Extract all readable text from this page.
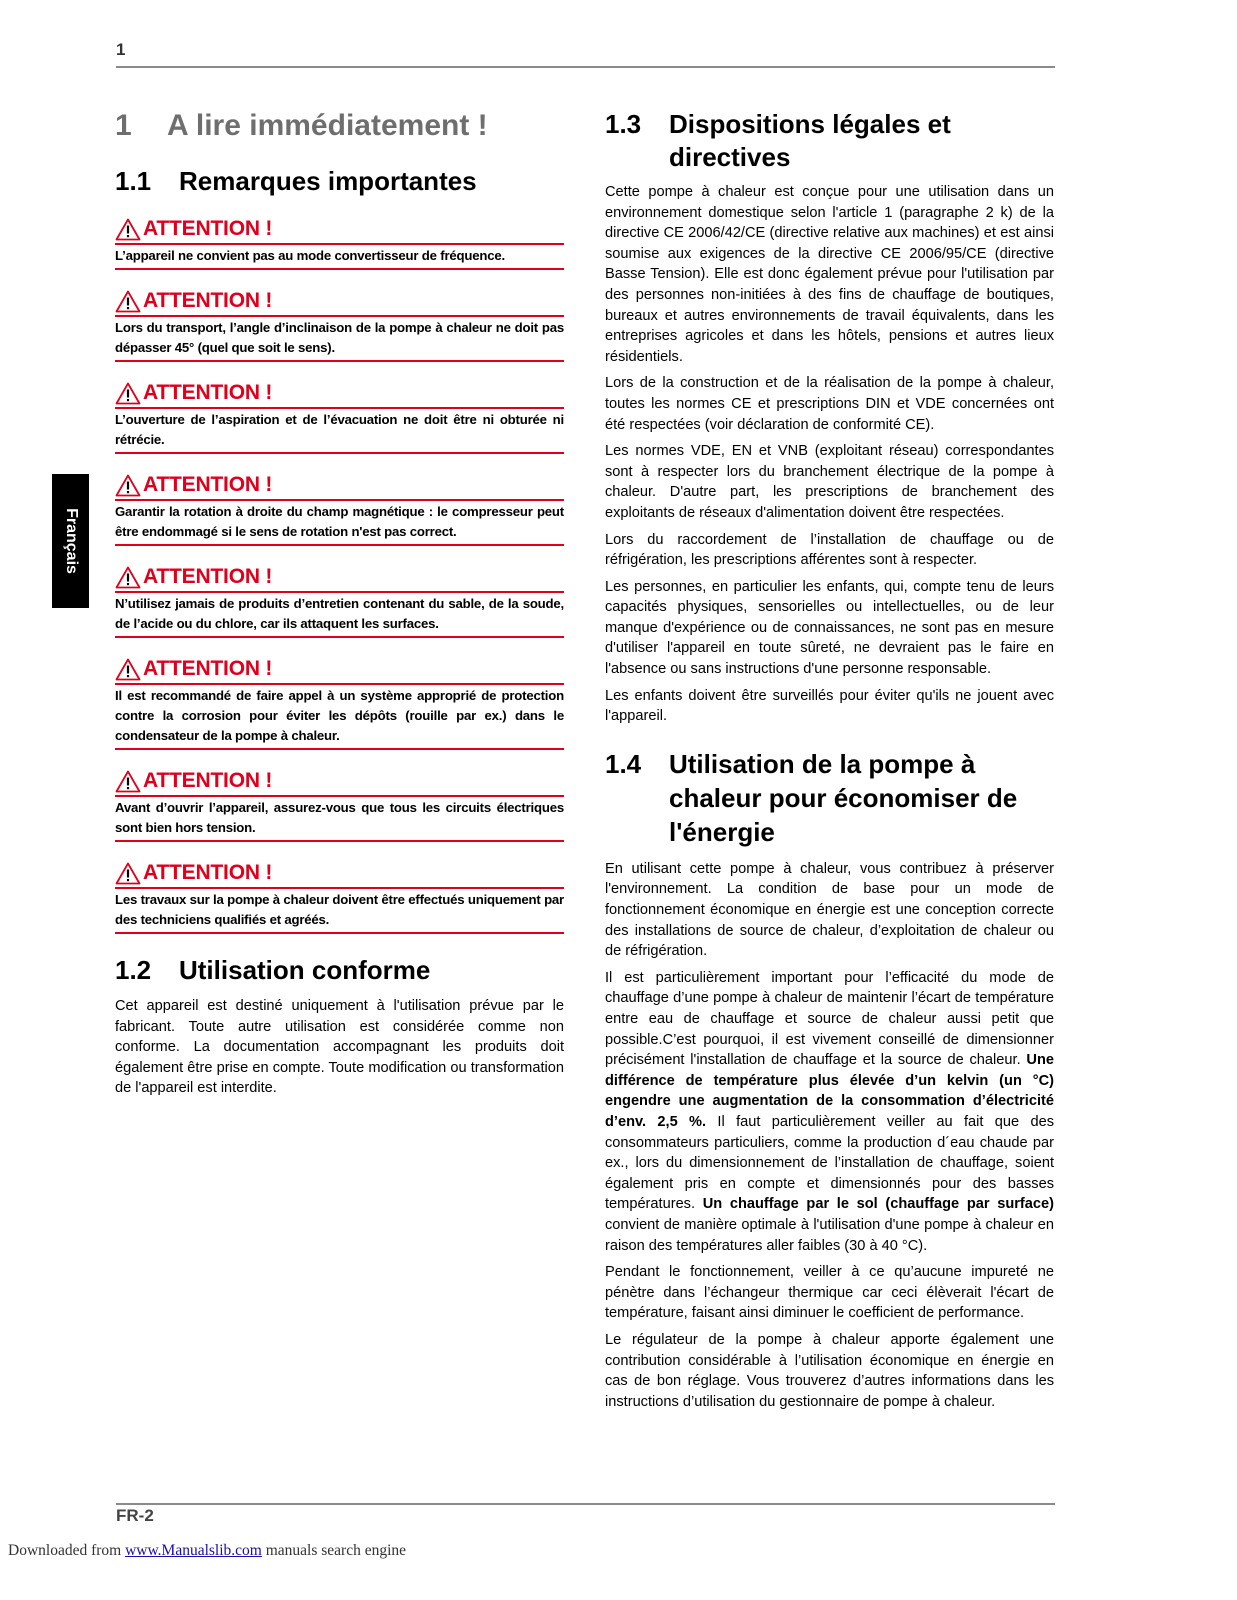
1
Français
1	A lire immédiatement !
1.1	Remarques importantes
ATTENTION !
L’appareil ne convient pas au mode convertisseur de fréquence.
ATTENTION !
Lors du transport, l’angle d’inclinaison de la pompe à chaleur ne doit pas dépasser 45° (quel que soit le sens).
ATTENTION !
L’ouverture de l’aspiration et de l’évacuation ne doit être ni obturée ni rétrécie.
ATTENTION !
Garantir la rotation à droite du champ magnétique : le compresseur peut être endommagé si le sens de rotation n'est pas correct.
ATTENTION !
N’utilisez jamais de produits d’entretien contenant du sable, de la soude, de l’acide ou du chlore, car ils attaquent les surfaces.
ATTENTION !
Il est recommandé de faire appel à un système approprié de protection contre la corrosion pour éviter les dépôts (rouille par ex.) dans le condensateur de la pompe à chaleur.
ATTENTION !
Avant d’ouvrir l’appareil, assurez-vous que tous les circuits électriques sont bien hors tension.
ATTENTION !
Les travaux sur la pompe à chaleur doivent être effectués uniquement par des techniciens qualifiés et agréés.
1.2	Utilisation conforme

Cet appareil est destiné uniquement à l'utilisation prévue par le fabricant. Toute autre utilisation est considérée comme non conforme. La documentation accompagnant les produits doit également être prise en compte. Toute modification ou transformation de l'appareil est interdite.

1.3	Dispositions légales et directives

Cette pompe à chaleur est conçue pour une utilisation dans un environnement domestique selon l'article 1 (paragraphe 2 k) de la directive CE 2006/42/CE (directive relative aux machines) et est ainsi soumise aux exigences de la directive CE 2006/95/CE (directive Basse Tension). Elle est donc également prévue pour l'utilisation par des personnes non-initiées à des fins de chauffage de boutiques, bureaux et autres environnements de travail équivalents, dans les entreprises agricoles et dans les hôtels, pensions et autres lieux résidentiels.

Lors de la construction et de la réalisation de la pompe à chaleur, toutes les normes CE et prescriptions DIN et VDE concernées ont été respectées (voir déclaration de conformité CE).

Les normes VDE, EN et VNB (exploitant réseau) correspondantes sont à respecter lors du branchement électrique de la pompe à chaleur. D'autre part, les prescriptions de branchement des exploitants de réseaux d'alimentation doivent être respectées.

Lors du raccordement de l’installation de chauffage ou de réfrigération, les prescriptions afférentes sont à respecter.

Les personnes, en particulier les enfants, qui, compte tenu de leurs capacités physiques, sensorielles ou intellectuelles, ou de leur manque d'expérience ou de connaissances, ne sont pas en mesure d'utiliser l'appareil en toute sûreté, ne devraient pas le faire en l'absence ou sans instructions d'une personne responsable.

Les enfants doivent être surveillés pour éviter qu'ils ne jouent avec l'appareil.

1.4	Utilisation de la pompe à chaleur pour économiser de l'énergie

En utilisant cette pompe à chaleur, vous contribuez à préserver l'environnement. La condition de base pour un mode de fonctionnement économique en énergie est une conception correcte des installations de source de chaleur, d’exploitation de chaleur ou de réfrigération.

Il est particulièrement important pour l’efficacité du mode de chauffage d’une pompe à chaleur de maintenir l’écart de température entre eau de chauffage et source de chaleur aussi petit que possible.C’est pourquoi, il est vivement conseillé de dimensionner précisément l'installation de chauffage et la source de chaleur. Une différence de température plus élevée d’un kelvin (un °C) engendre une augmentation de la consommation d’électricité d’env. 2,5 %. Il faut particulièrement veiller au fait que des consommateurs particuliers, comme la production d´eau chaude par ex., lors du dimensionnement de l’installation de chauffage, soient également pris en compte et dimensionnés pour des basses températures. Un chauffage par le sol (chauffage par surface) convient de manière optimale à l'utilisation d'une pompe à chaleur en raison des températures aller faibles (30 à 40 °C).

Pendant le fonctionnement, veiller à ce qu’aucune impureté ne pénètre dans l’échangeur thermique car ceci élèverait l'écart de température, faisant ainsi diminuer le coefficient de performance.

Le régulateur de la pompe à chaleur apporte également une contribution considérable à l’utilisation économique en énergie en cas de bon réglage. Vous trouverez d’autres informations dans les instructions d’utilisation du gestionnaire de pompe à chaleur.

FR-2
Downloaded from www.Manualslib.com manuals search engine
